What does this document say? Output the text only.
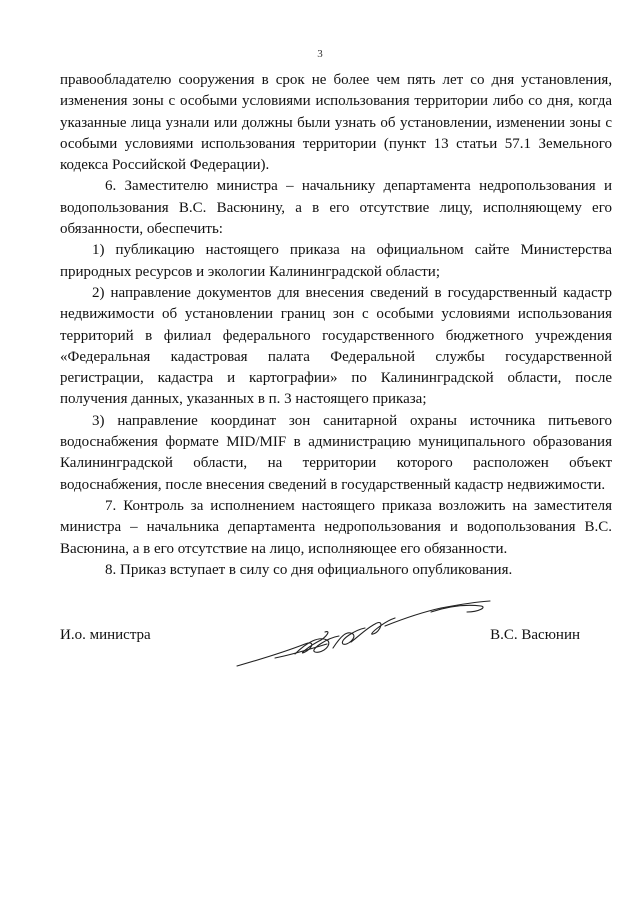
3

правообладателю сооружения в срок не более чем пять лет со дня установления, изменения зоны с особыми условиями использования территории либо со дня, когда указанные лица узнали или должны были узнать об установлении, изменении зоны с особыми условиями использования территории (пункт 13 статьи 57.1 Земельного кодекса Российской Федерации).

6. Заместителю министра – начальнику департамента недропользования и водопользования В.С. Васюнину, а в его отсутствие лицу, исполняющему его обязанности, обеспечить:

1) публикацию настоящего приказа на официальном сайте Министерства природных ресурсов и экологии Калининградской области;

2) направление документов для внесения сведений в государственный кадастр недвижимости об установлении границ зон с особыми условиями использования территорий в филиал федерального государственного бюджетного учреждения «Федеральная кадастровая палата Федеральной службы государственной регистрации, кадастра и картографии» по Калининградской области, после получения данных, указанных в п. 3 настоящего приказа;

3) направление координат зон санитарной охраны источника питьевого водоснабжения формате MID/MIF в администрацию муниципального образования Калининградской области, на территории которого расположен объект водоснабжения, после внесения сведений в государственный кадастр недвижимости.

7. Контроль за исполнением настоящего приказа возложить на заместителя министра – начальника департамента недропользования и водопользования В.С. Васюнина, а в его отсутствие на лицо, исполняющее его обязанности.

8. Приказ вступает в силу со дня официального опубликования.

И.о. министра	В.С. Васюнин
